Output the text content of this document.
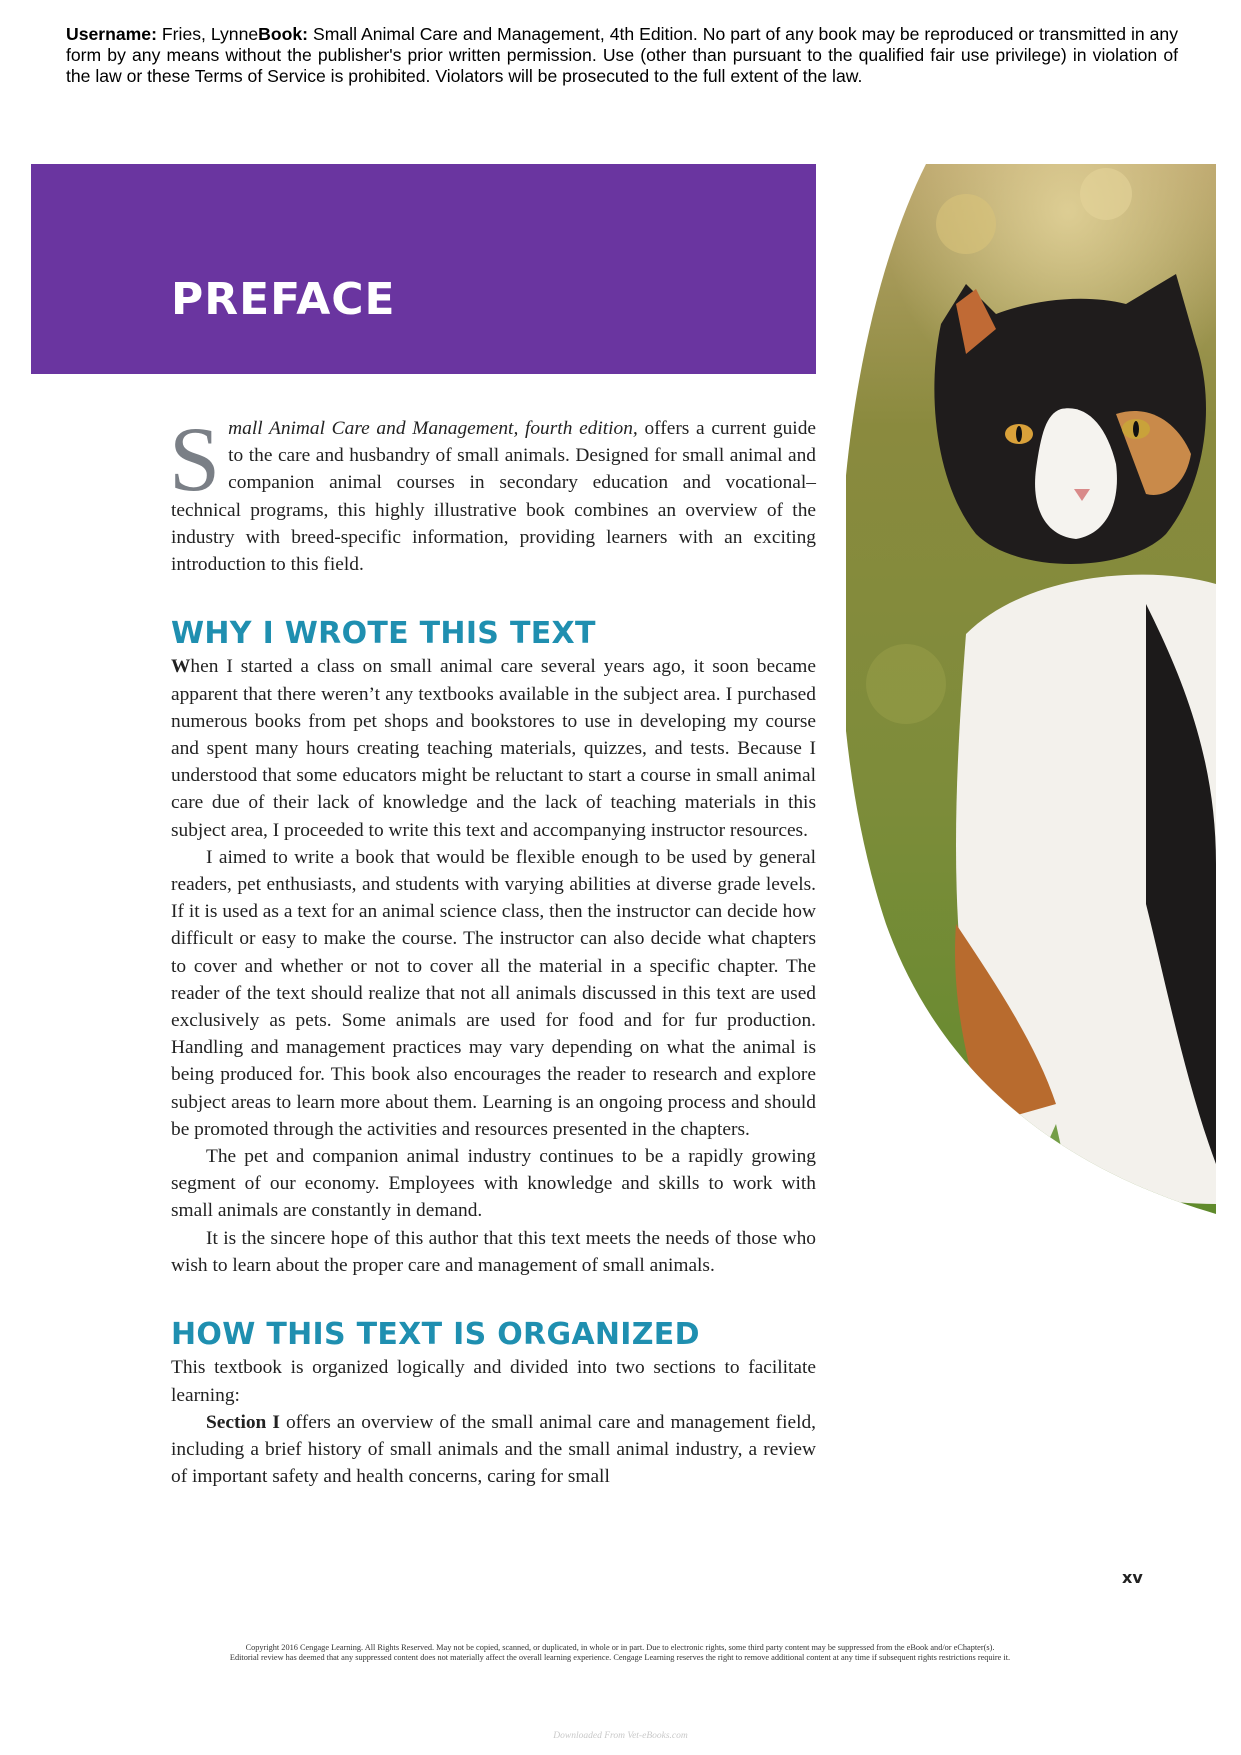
Username: Fries, LynneBook: Small Animal Care and Management, 4th Edition. No part of any book may be reproduced or transmitted in any form by any means without the publisher's prior written permission. Use (other than pursuant to the qualified fair use privilege) in violation of the law or these Terms of Service is prohibited. Violators will be prosecuted to the full extent of the law.
PREFACE

Small Animal Care and Management, fourth edition, offers a current guide to the care and husbandry of small animals. Designed for small animal and companion animal courses in secondary education and vocational–technical programs, this highly illustrative book combines an overview of the industry with breed-specific information, providing learners with an exciting introduction to this field.

WHY I WROTE THIS TEXT

When I started a class on small animal care several years ago, it soon became apparent that there weren’t any textbooks available in the subject area. I purchased numerous books from pet shops and bookstores to use in developing my course and spent many hours creating teaching materials, quizzes, and tests. Because I understood that some educators might be reluctant to start a course in small animal care due of their lack of knowledge and the lack of teaching materials in this subject area, I proceeded to write this text and accompanying instructor resources.

I aimed to write a book that would be flexible enough to be used by general readers, pet enthusiasts, and students with varying abilities at diverse grade levels. If it is used as a text for an animal science class, then the instructor can decide how difficult or easy to make the course. The instructor can also decide what chapters to cover and whether or not to cover all the material in a specific chapter. The reader of the text should realize that not all animals discussed in this text are used exclusively as pets. Some animals are used for food and for fur production. Handling and management practices may vary depending on what the animal is being produced for. This book also encourages the reader to research and explore subject areas to learn more about them. Learning is an ongoing process and should be promoted through the activities and resources presented in the chapters.

The pet and companion animal industry continues to be a rapidly growing segment of our economy. Employees with knowledge and skills to work with small animals are constantly in demand.

It is the sincere hope of this author that this text meets the needs of those who wish to learn about the proper care and management of small animals.

HOW THIS TEXT IS ORGANIZED

This textbook is organized logically and divided into two sections to facilitate learning:

Section I offers an overview of the small animal care and management field, including a brief history of small animals and the small animal industry, a review of important safety and health concerns, caring for small

xv
Copyright 2016 Cengage Learning. All Rights Reserved. May not be copied, scanned, or duplicated, in whole or in part. Due to electronic rights, some third party content may be suppressed from the eBook and/or eChapter(s).
Editorial review has deemed that any suppressed content does not materially affect the overall learning experience. Cengage Learning reserves the right to remove additional content at any time if subsequent rights restrictions require it.
Downloaded From Vet-eBooks.com
